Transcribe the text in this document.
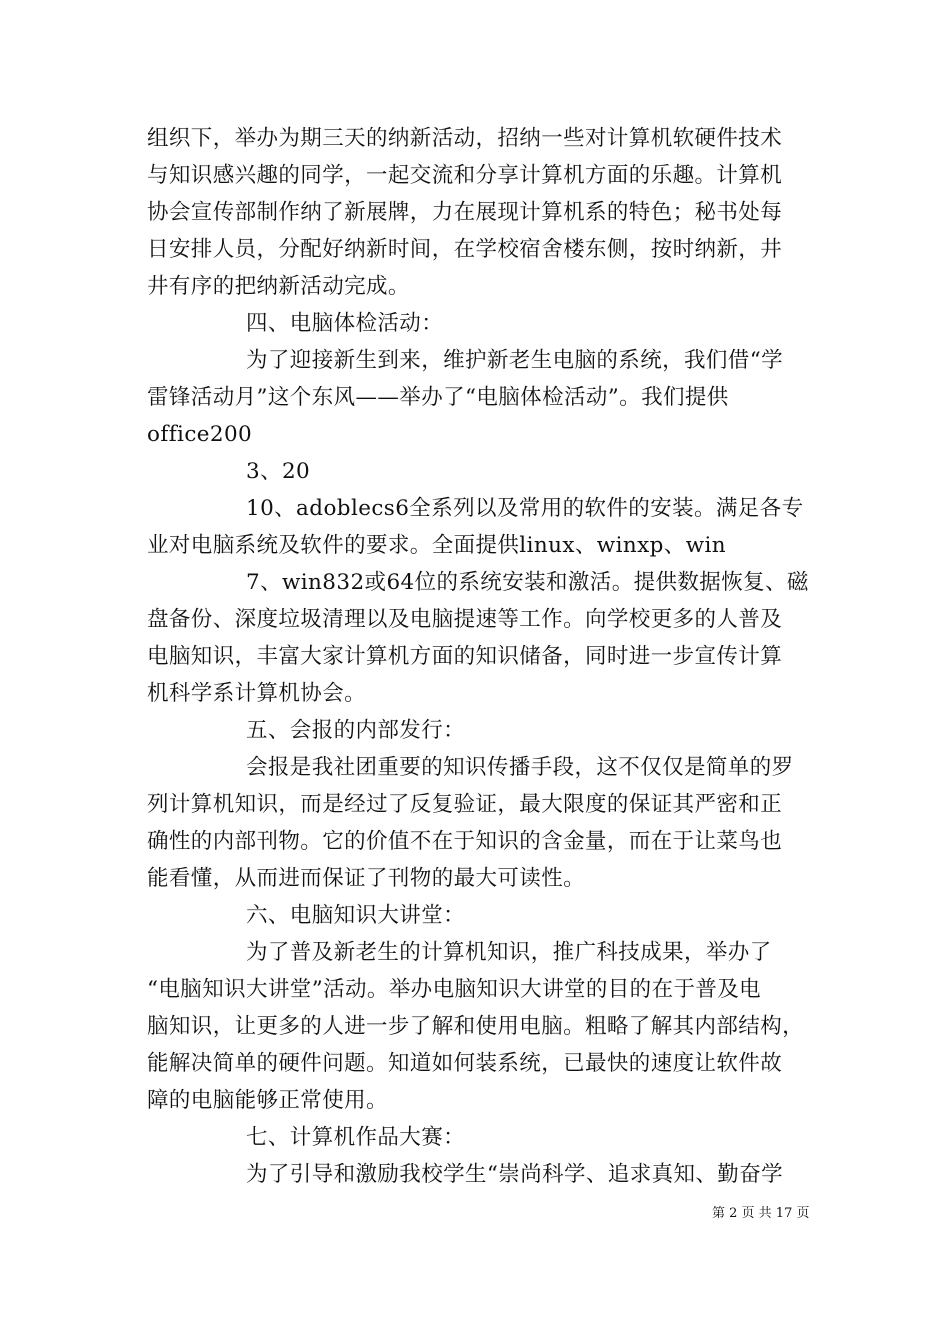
组织下，举办为期三天的纳新活动，招纳一些对计算机软硬件技术
与知识感兴趣的同学，一起交流和分享计算机方面的乐趣。计算机
协会宣传部制作纳了新展牌，力在展现计算机系的特色；秘书处每
日安排人员，分配好纳新时间，在学校宿舍楼东侧，按时纳新，井
井有序的把纳新活动完成。
四、电脑体检活动：
为了迎接新生到来，维护新老生电脑的系统，我们借“学
雷锋活动月”这个东风——举办了“电脑体检活动”。我们提供
office200
3、20
10、adoblecs6全系列以及常用的软件的安装。满足各专
业对电脑系统及软件的要求。全面提供linux、winxp、win
7、win832或64位的系统安装和激活。提供数据恢复、磁
盘备份、深度垃圾清理以及电脑提速等工作。向学校更多的人普及
电脑知识，丰富大家计算机方面的知识储备，同时进一步宣传计算
机科学系计算机协会。
五、会报的内部发行：
会报是我社团重要的知识传播手段，这不仅仅是简单的罗
列计算机知识，而是经过了反复验证，最大限度的保证其严密和正
确性的内部刊物。它的价值不在于知识的含金量，而在于让菜鸟也
能看懂，从而进而保证了刊物的最大可读性。
六、电脑知识大讲堂：
为了普及新老生的计算机知识，推广科技成果，举办了
“电脑知识大讲堂”活动。举办电脑知识大讲堂的目的在于普及电
脑知识，让更多的人进一步了解和使用电脑。粗略了解其内部结构，
能解决简单的硬件问题。知道如何装系统，已最快的速度让软件故
障的电脑能够正常使用。
七、计算机作品大赛：
为了引导和激励我校学生“崇尚科学、追求真知、勤奋学
第 2 页 共 17 页
